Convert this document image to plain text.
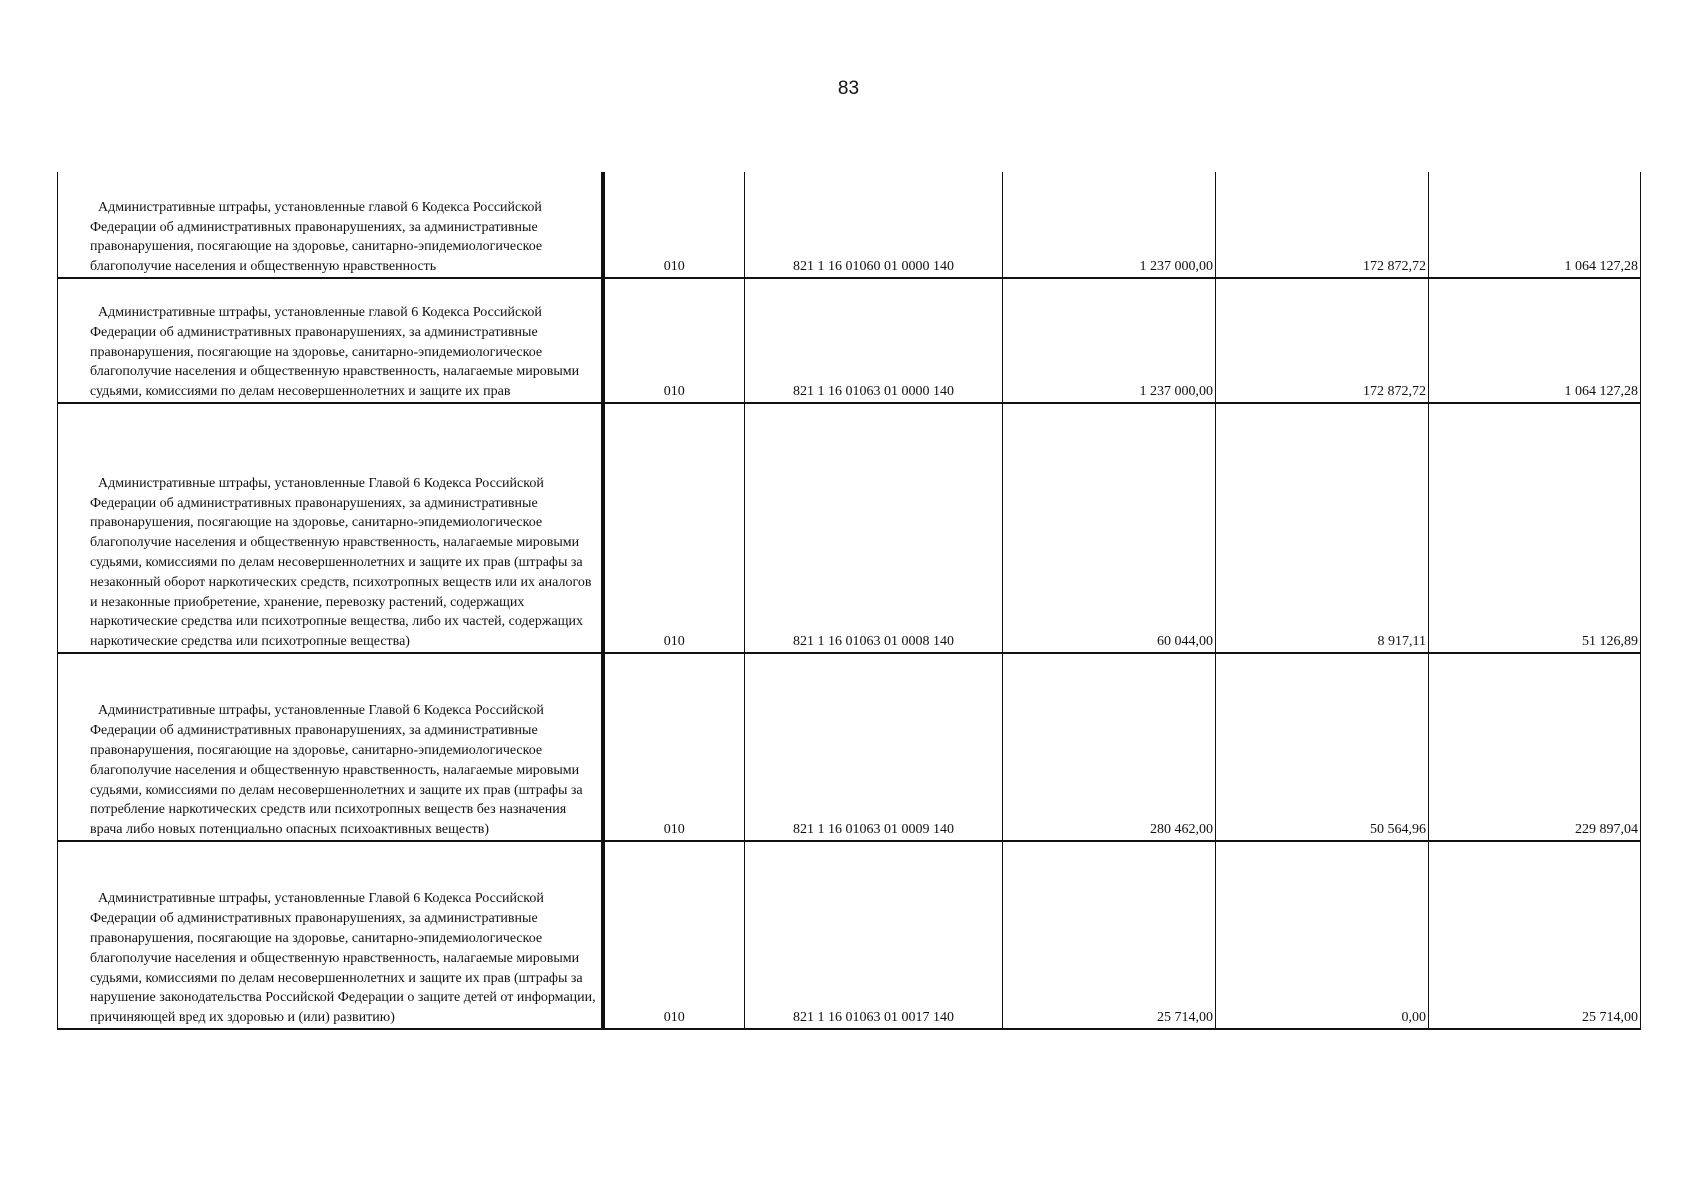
83
Административные штрафы, установленные главой 6 Кодекса Российской Федерации об административных правонарушениях, за административные правонарушения, посягающие на здоровье, санитарно-эпидемиологическое благополучие населения и общественную нравственность	010	821 1 16 01060 01 0000 140	1 237 000,00	172 872,72	1 064 127,28
Административные штрафы, установленные главой 6 Кодекса Российской Федерации об административных правонарушениях, за административные правонарушения, посягающие на здоровье, санитарно-эпидемиологическое благополучие населения и общественную нравственность, налагаемые мировыми судьями, комиссиями по делам несовершеннолетних и защите их прав	010	821 1 16 01063 01 0000 140	1 237 000,00	172 872,72	1 064 127,28
Административные штрафы, установленные Главой 6 Кодекса Российской Федерации об административных правонарушениях, за административные правонарушения, посягающие на здоровье, санитарно-эпидемиологическое благополучие населения и общественную нравственность, налагаемые мировыми судьями, комиссиями по делам несовершеннолетних и защите их прав (штрафы за незаконный оборот наркотических средств, психотропных веществ или их аналогов и незаконные приобретение, хранение, перевозку растений, содержащих наркотические средства или психотропные вещества, либо их частей, содержащих наркотические средства или психотропные вещества)	010	821 1 16 01063 01 0008 140	60 044,00	8 917,11	51 126,89
Административные штрафы, установленные Главой 6 Кодекса Российской Федерации об административных правонарушениях, за административные правонарушения, посягающие на здоровье, санитарно-эпидемиологическое благополучие населения и общественную нравственность, налагаемые мировыми судьями, комиссиями по делам несовершеннолетних и защите их прав (штрафы за потребление наркотических средств или психотропных веществ без назначения врача либо новых потенциально опасных психоактивных веществ)	010	821 1 16 01063 01 0009 140	280 462,00	50 564,96	229 897,04
Административные штрафы, установленные Главой 6 Кодекса Российской Федерации об административных правонарушениях, за административные правонарушения, посягающие на здоровье, санитарно-эпидемиологическое благополучие населения и общественную нравственность, налагаемые мировыми судьями, комиссиями по делам несовершеннолетних и защите их прав (штрафы за нарушение законодательства Российской Федерации о защите детей от информации, причиняющей вред их здоровью и (или) развитию)	010	821 1 16 01063 01 0017 140	25 714,00	0,00	25 714,00
